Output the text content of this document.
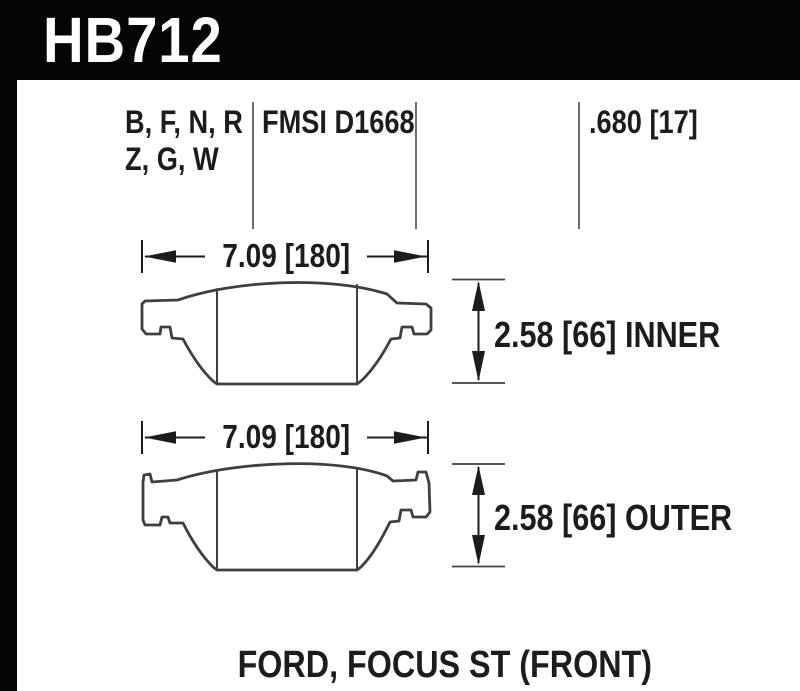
HB712
B, F, N, R
Z, G, W
FMSI D1668	.680 [17]
7.09 [180]
7.09 [180]
2.58 [66] INNER
2.58 [66] OUTER
FORD, FOCUS ST (FRONT)
